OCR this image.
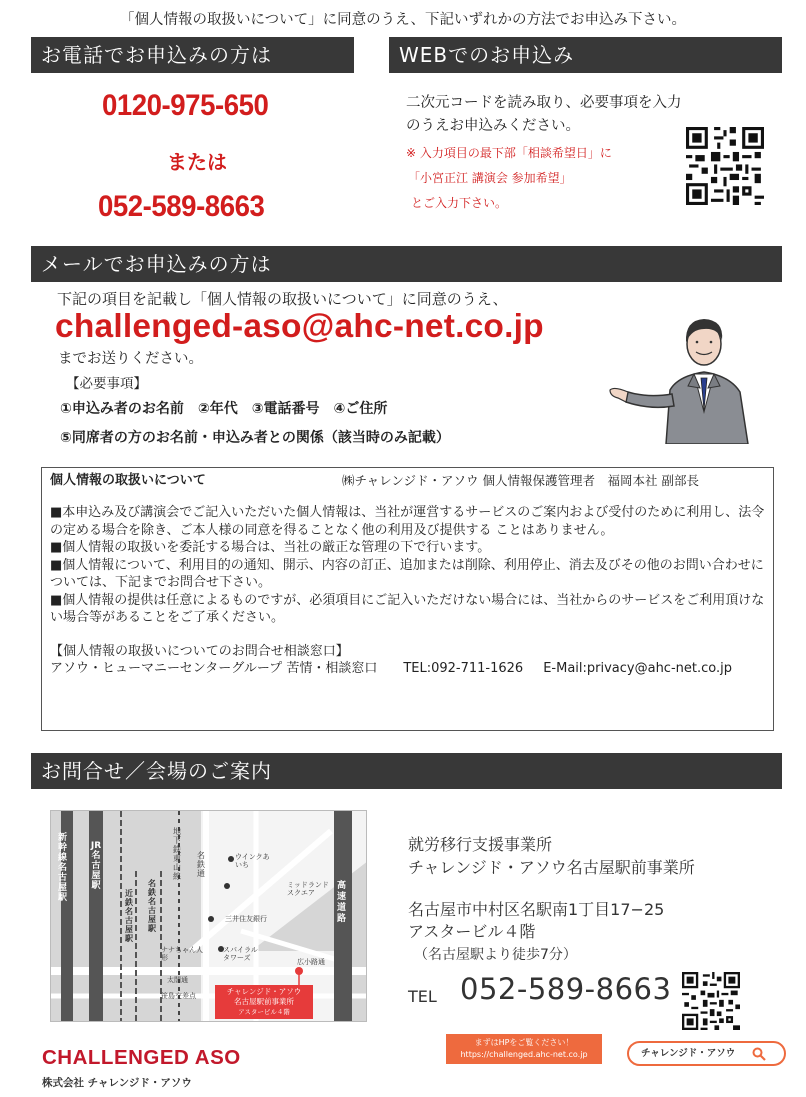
「個人情報の取扱いについて」に同意のうえ、下記いずれかの方法でお申込み下さい。
お電話でお申込みの方は
0120-975-650
または
052-589-8663
WEBでのお申込み
二次元コードを読み取り、必要事項を入力のうえお申込みください。
※ 入力項目の最下部「相談希望日」に
「小宮正江 講演会 参加希望」
とご入力下さい。
メールでお申込みの方は
下記の項目を記載し「個人情報の取扱いについて」に同意のうえ、
challenged-aso@ahc-net.co.jp
までお送りください。
【必要事項】
①申込み者のお名前　②年代　③電話番号　④ご住所
⑤同席者の方のお名前・申込み者との関係（該当時のみ記載）
個人情報の取扱いについて	㈱チャレンジド・アソウ 個人情報保護管理者　福岡本社 副部長
■本申込み及び講演会でご記入いただいた個人情報は、当社が運営するサービスのご案内および受付のために利用し、法令の定める場合を除き、ご本人様の同意を得ることなく他の利用及び提供する ことはありません。
■個人情報の取扱いを委託する場合は、当社の厳正な管理の下で行います。
■個人情報について、利用目的の通知、開示、内容の訂正、追加または削除、利用停止、消去及びその他のお問い合わせについては、下記までお問合せ下さい。
■個人情報の提供は任意によるものですが、必須項目にご記入いただけない場合には、当社からのサービスをご利用頂けない場合等があることをご了承ください。
【個人情報の取扱いについてのお問合せ相談窓口】
アソウ・ヒューマニーセンターグループ 苦情・相談窓口 TEL:092-711-1626 E-Mail:privacy@ahc-net.co.jp
お問合せ／会場のご案内
新幹線名古屋駅
JR名古屋駅
近鉄名古屋駅
名鉄名古屋駅
地下鉄東山線
名鉄通
ウインクあいち
ミッドランドスクエア
三井住友銀行
ナナちゃん人形
スパイラルタワーズ	広小路通
太閤通
笹島交差点
高速道路
チャレンジド・アソウ
名古屋駅前事業所
アスタービル４階
就労移行支援事業所
チャレンジド・アソウ名古屋駅前事業所
名古屋市中村区名駅南1丁目17−25
アスタービル４階
（名古屋駅より徒歩7分）
TEL 052-589-8663
CHALLENGED ASO
株式会社 チャレンジド・アソウ
まずはHPをご覧ください！
https://challenged.ahc-net.co.jp	チャレンジド・アソウ
